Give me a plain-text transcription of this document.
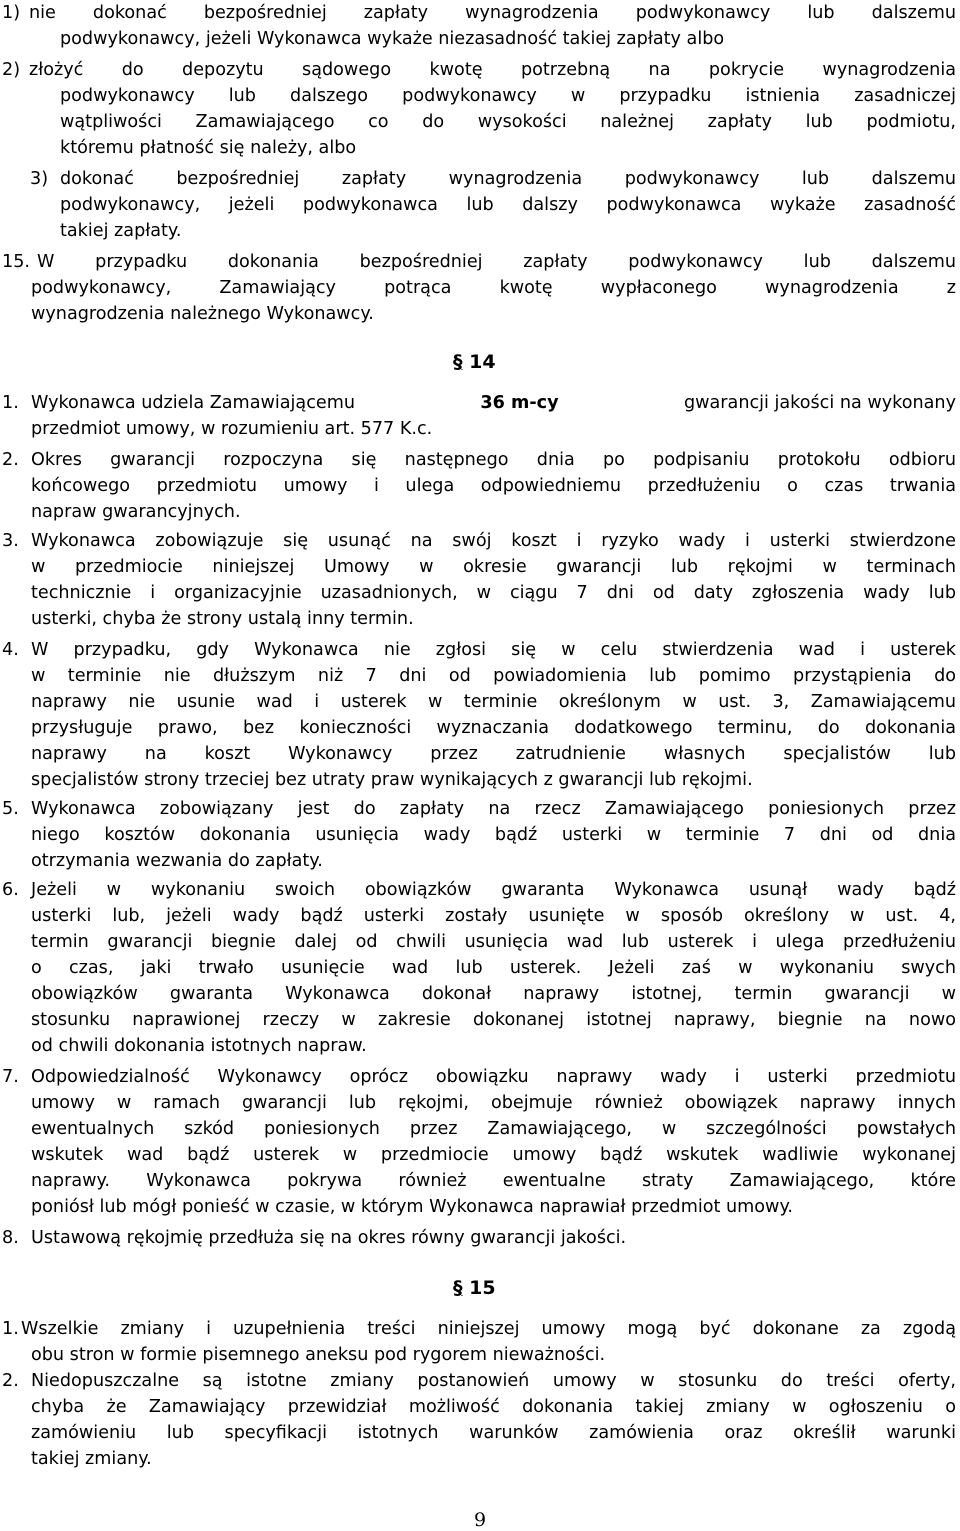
1) nie dokonać bezpośredniej zapłaty wynagrodzenia podwykonawcy lub dalszemu
podwykonawcy, jeżeli Wykonawca wykaże niezasadność takiej zapłaty albo
2) złożyć do depozytu sądowego kwotę potrzebną na pokrycie wynagrodzenia
podwykonawcy lub dalszego podwykonawcy w przypadku istnienia zasadniczej
wątpliwości Zamawiającego co do wysokości należnej zapłaty lub podmiotu,
któremu płatność się należy, albo
3) dokonać bezpośredniej zapłaty wynagrodzenia podwykonawcy lub dalszemu
podwykonawcy, jeżeli podwykonawca lub dalszy podwykonawca wykaże zasadność
takiej zapłaty.
15. W przypadku dokonania bezpośredniej zapłaty podwykonawcy lub dalszemu
podwykonawcy, Zamawiający potrąca kwotę wypłaconego wynagrodzenia z
wynagrodzenia należnego Wykonawcy.
§ 14
1. Wykonawca udziela Zamawiającemu	36 m-cy	gwarancji jakości na wykonany
przedmiot umowy, w rozumieniu art. 577 K.c.
2. Okres gwarancji rozpoczyna się następnego dnia po podpisaniu protokołu odbioru
końcowego przedmiotu umowy i ulega odpowiedniemu przedłużeniu o czas trwania
napraw gwarancyjnych.
3. Wykonawca zobowiązuje się usunąć na swój koszt i ryzyko wady i usterki stwierdzone
w przedmiocie niniejszej Umowy w okresie gwarancji lub rękojmi w terminach
technicznie i organizacyjnie uzasadnionych, w ciągu 7 dni od daty zgłoszenia wady lub
usterki, chyba że strony ustalą inny termin.
4. W przypadku, gdy Wykonawca nie zgłosi się w celu stwierdzenia wad i usterek
w terminie nie dłuższym niż 7 dni od powiadomienia lub pomimo przystąpienia do
naprawy nie usunie wad i usterek w terminie określonym w ust. 3, Zamawiającemu
przysługuje prawo, bez konieczności wyznaczania dodatkowego terminu, do dokonania
naprawy na koszt Wykonawcy przez zatrudnienie własnych specjalistów lub
specjalistów strony trzeciej bez utraty praw wynikających z gwarancji lub rękojmi.
5. Wykonawca zobowiązany jest do zapłaty na rzecz Zamawiającego poniesionych przez
niego kosztów dokonania usunięcia wady bądź usterki w terminie 7 dni od dnia
otrzymania wezwania do zapłaty.
6. Jeżeli w wykonaniu swoich obowiązków gwaranta Wykonawca usunął wady bądź
usterki lub, jeżeli wady bądź usterki zostały usunięte w sposób określony w ust. 4,
termin gwarancji biegnie dalej od chwili usunięcia wad lub usterek i ulega przedłużeniu
o czas, jaki trwało usunięcie wad lub usterek. Jeżeli zaś w wykonaniu swych
obowiązków gwaranta Wykonawca dokonał naprawy istotnej, termin gwarancji w
stosunku naprawionej rzeczy w zakresie dokonanej istotnej naprawy, biegnie na nowo
od chwili dokonania istotnych napraw.
7. Odpowiedzialność Wykonawcy oprócz obowiązku naprawy wady i usterki przedmiotu
umowy w ramach gwarancji lub rękojmi, obejmuje również obowiązek naprawy innych
ewentualnych szkód poniesionych przez Zamawiającego, w szczególności powstałych
wskutek wad bądź usterek w przedmiocie umowy bądź wskutek wadliwie wykonanej
naprawy. Wykonawca pokrywa również ewentualne straty Zamawiającego, które
poniósł lub mógł ponieść w czasie, w którym Wykonawca naprawiał przedmiot umowy.
8. Ustawową rękojmię przedłuża się na okres równy gwarancji jakości.
§ 15
1. Wszelkie zmiany i uzupełnienia treści niniejszej umowy mogą być dokonane za zgodą
obu stron w formie pisemnego aneksu pod rygorem nieważności.
2. Niedopuszczalne są istotne zmiany postanowień umowy w stosunku do treści oferty,
chyba że Zamawiający przewidział możliwość dokonania takiej zmiany w ogłoszeniu o
zamówieniu lub specyfikacji istotnych warunków zamówienia oraz określił warunki
takiej zmiany.
9
